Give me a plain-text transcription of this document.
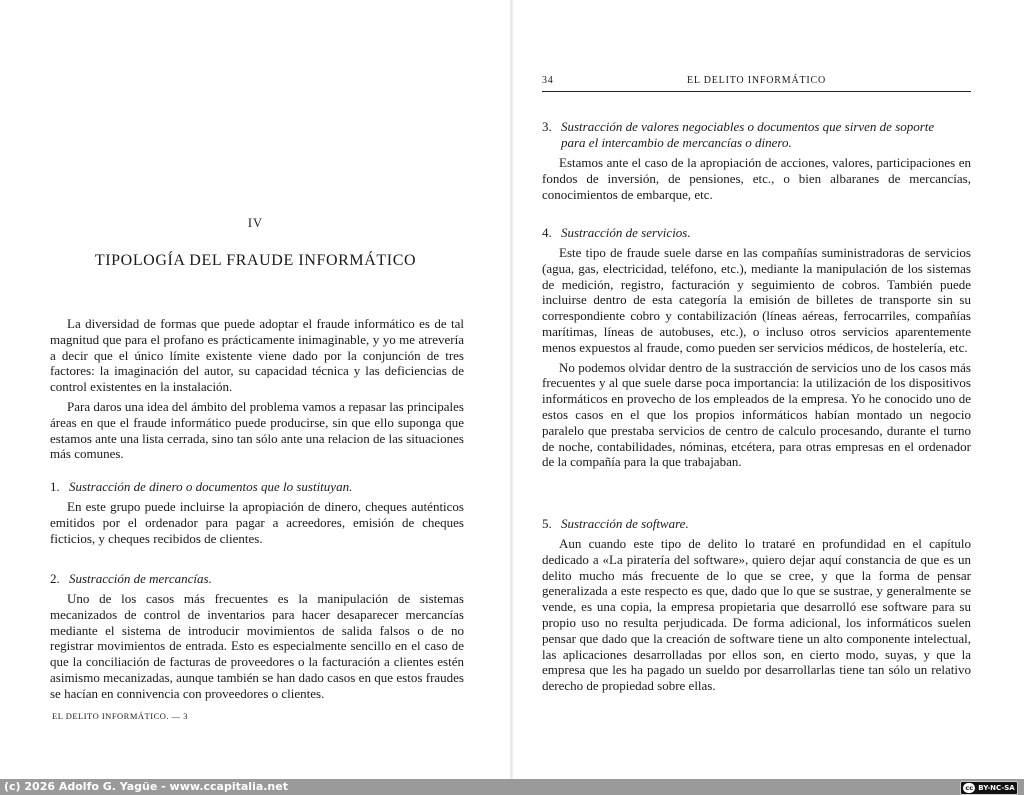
IV
TIPOLOGÍA DEL FRAUDE INFORMÁTICO

La diversidad de formas que puede adoptar el fraude informático es de tal magnitud que para el profano es prácticamente inimaginable, y yo me atrevería a decir que el único límite existente viene dado por la conjunción de tres factores: la imaginación del autor, su capacidad técnica y las deficiencias de control existentes en la instalación.

Para daros una idea del ámbito del problema vamos a repasar las principales áreas en que el fraude informático puede producirse, sin que ello suponga que estamos ante una lista cerrada, sino tan sólo ante una relacion de las situaciones más comunes.

1. Sustracción de dinero o documentos que lo sustituyan.

En este grupo puede incluirse la apropiación de dinero, cheques auténticos emitidos por el ordenador para pagar a acreedores, emisión de cheques ficticios, y cheques recibidos de clientes.

2. Sustracción de mercancías.

Uno de los casos más frecuentes es la manipulación de sistemas mecanizados de control de inventarios para hacer desaparecer mercancías mediante el sistema de introducir movimientos de salida falsos o de no registrar movimientos de entrada. Esto es especialmente sencillo en el caso de que la conciliación de facturas de proveedores o la facturación a clientes estén asimismo mecanizadas, aunque también se han dado casos en que estos fraudes se hacían en connivencia con proveedores o clientes.

EL DELITO INFORMÁTICO. — 3
34	EL DELITO INFORMÁTICO
3. Sustracción de valores negociables o documentos que sirven de soporte
para el intercambio de mercancías o dinero.

Estamos ante el caso de la apropiación de acciones, valores, participaciones en fondos de inversión, de pensiones, etc., o bien albaranes de mercancías, conocimientos de embarque, etc.

4. Sustracción de servicios.

Este tipo de fraude suele darse en las compañías suministradoras de servicios (agua, gas, electricidad, teléfono, etc.), mediante la manipulación de los sistemas de medición, registro, facturación y seguimiento de cobros. También puede incluirse dentro de esta categoría la emisión de billetes de transporte sin su correspondiente cobro y contabilización (líneas aéreas, ferrocarriles, compañías marítimas, líneas de autobuses, etc.), o incluso otros servicios aparentemente menos expuestos al fraude, como pueden ser servicios médicos, de hostelería, etc.

No podemos olvidar dentro de la sustracción de servicios uno de los casos más frecuentes y al que suele darse poca importancia: la utilización de los dispositivos informáticos en provecho de los empleados de la empresa. Yo he conocido uno de estos casos en el que los propios informáticos habían montado un negocio paralelo que prestaba servicios de centro de calculo procesando, durante el turno de noche, contabilidades, nóminas, etcétera, para otras empresas en el ordenador de la compañía para la que trabajaban.

5. Sustracción de software.

Aun cuando este tipo de delito lo trataré en profundidad en el capítulo dedicado a «La piratería del software», quiero dejar aquí constancia de que es un delito mucho más frecuente de lo que se cree, y que la forma de pensar generalizada a este respecto es que, dado que lo que se sustrae, y generalmente se vende, es una copia, la empresa propietaria que desarrolló ese software para su propio uso no resulta perjudicada. De forma adicional, los informáticos suelen pensar que dado que la creación de software tiene un alto componente intelectual, las aplicaciones desarrolladas por ellos son, en cierto modo, suyas, y que la empresa que les ha pagado un sueldo por desarrollarlas tiene tan sólo un relativo derecho de propiedad sobre ellas.

(c) 2026 Adolfo G. Yagüe - www.ccapitalia.net	cc BY-NC-SA
